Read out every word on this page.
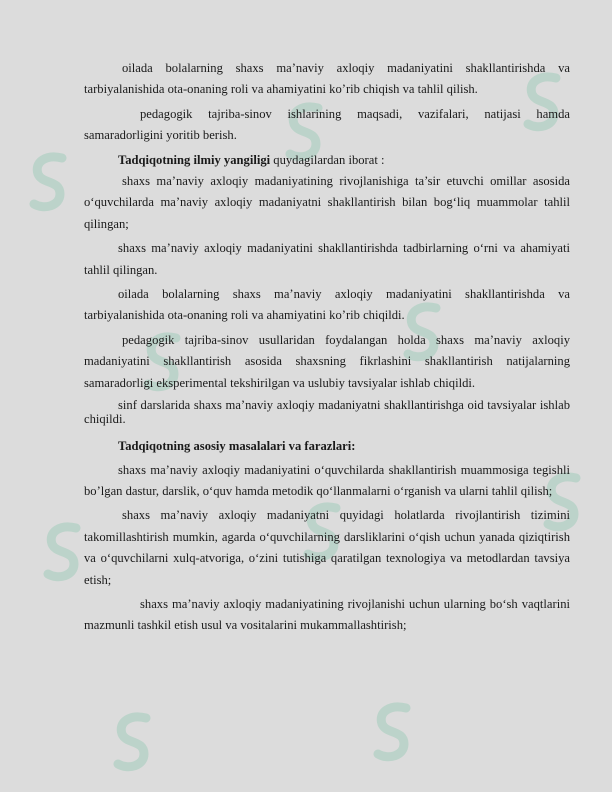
oilada bolalarning shaxs ma’naviy axloqiy madaniyatini shakllantirishda va tarbiyalanishida ota-onaning roli va ahamiyatini ko’rib chiqish va tahlil qilish.

pedagogik tajriba-sinov ishlarining maqsadi, vazifalari, natijasi hamda samaradorligini yoritib berish.

Tadqiqotning ilmiy yangiligi quydagilardan iborat :

shaxs ma’naviy axloqiy madaniyatining rivojlanishiga ta’sir etuvchi omillar asosida o‘quvchilarda ma’naviy axloqiy madaniyatni shakllantirish bilan bog‘liq muammolar tahlil qilingan;

shaxs ma’naviy axloqiy madaniyatini shakllantirishda tadbirlarning o‘rni va ahamiyati tahlil qilingan.

oilada bolalarning shaxs ma’naviy axloqiy madaniyatini shakllantirishda va tarbiyalanishida ota-onaning roli va ahamiyatini ko’rib chiqildi.

pedagogik tajriba-sinov usullaridan foydalangan holda shaxs ma’naviy axloqiy madaniyatini shakllantirish asosida shaxsning fikrlashini shakllantirish natijalarning samaradorligi eksperimental tekshirilgan va uslubiy tavsiyalar ishlab chiqildi.

sinf darslarida shaxs ma’naviy axloqiy madaniyatni shakllantirishga oid tavsiyalar ishlab chiqildi.

Tadqiqotning asosiy masalalari va farazlari:

shaxs ma’naviy axloqiy madaniyatini o‘quvchilarda shakllantirish muammosiga tegishli bo’lgan dastur, darslik, o‘quv hamda metodik qo‘llanmalarni o‘rganish va ularni tahlil qilish;

shaxs ma’naviy axloqiy madaniyatni quyidagi holatlarda rivojlantirish tizimini takomillashtirish mumkin, agarda o‘quvchilarning darsliklarini o‘qish uchun yanada qiziqtirish va o‘quvchilarni xulq-atvoriga, o‘zini tutishiga qaratilgan texnologiya va metodlardan tavsiya etish;

shaxs ma’naviy axloqiy madaniyatining rivojlanishi uchun ularning bo‘sh vaqtlarini mazmunli tashkil etish usul va vositalarini mukammallashtirish;
